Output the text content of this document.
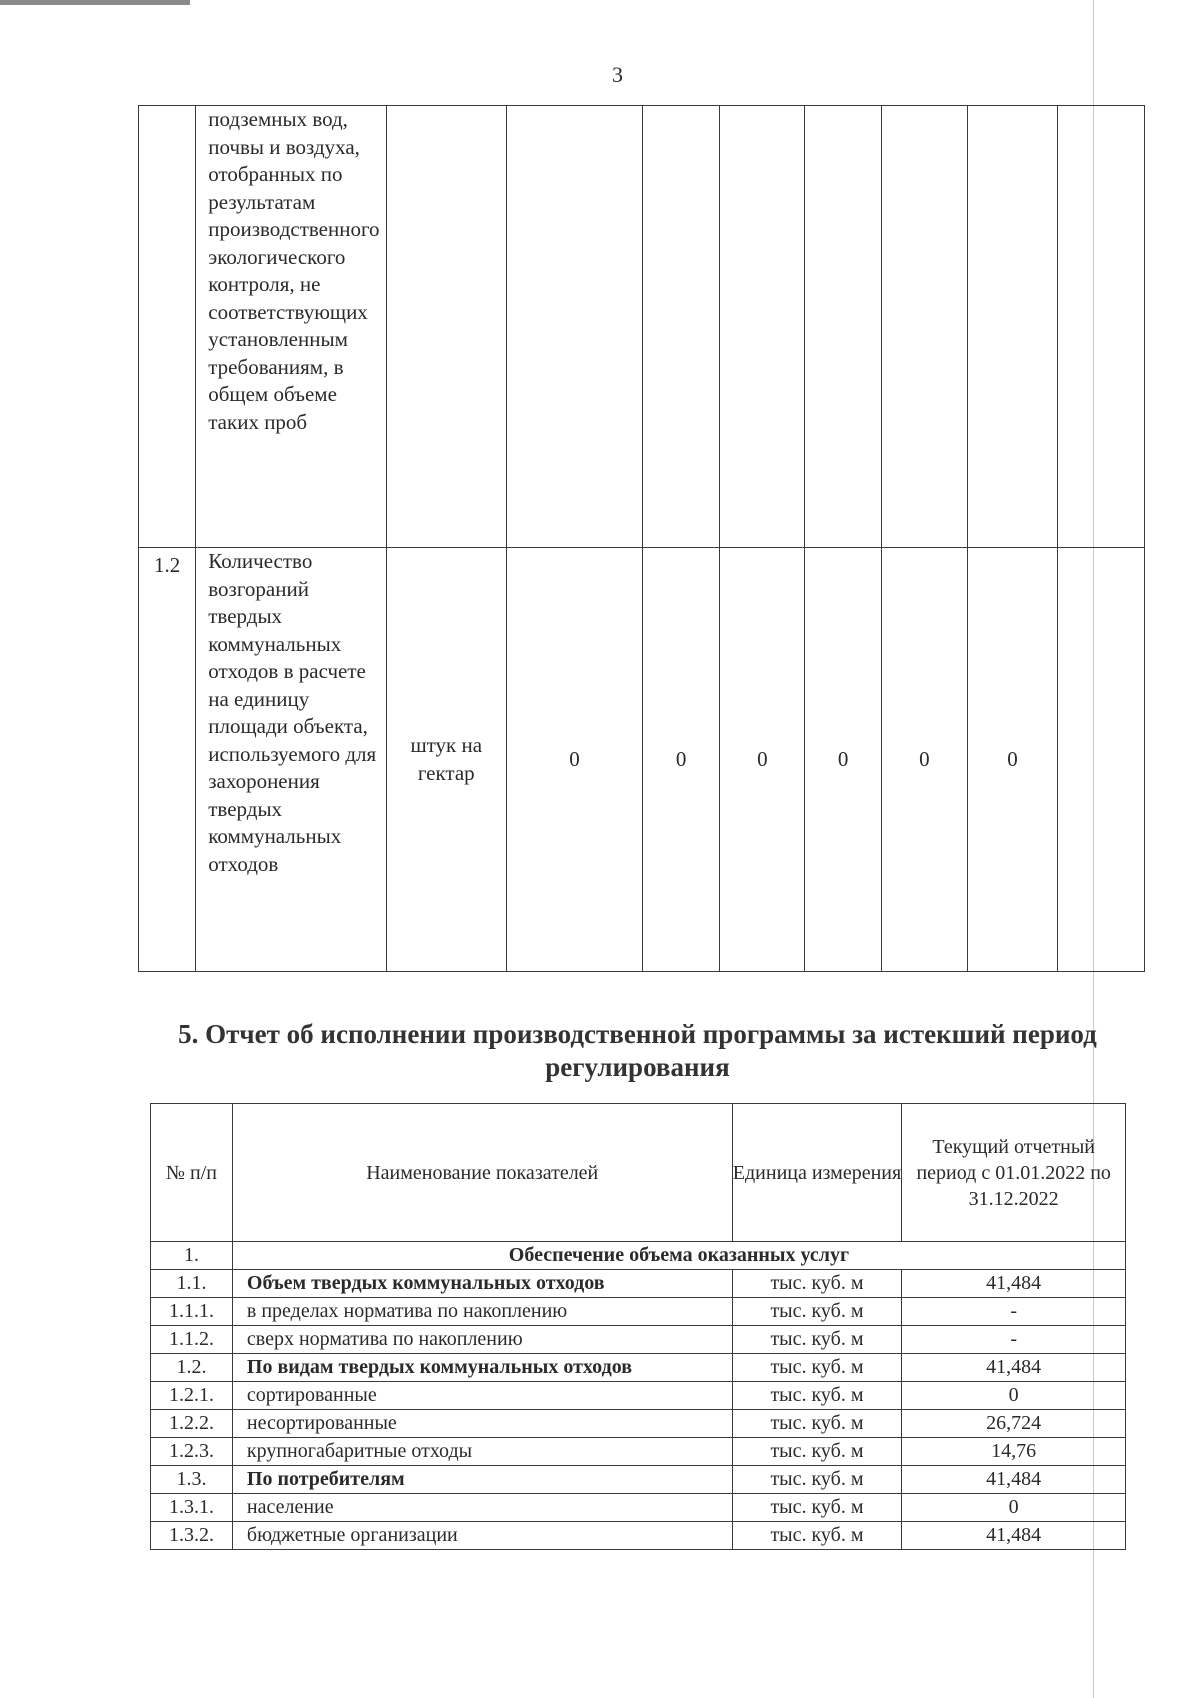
3
	подземных вод, почвы и воздуха, отобранных по результатам производственного экологического контроля, не соответствующих установленным требованиям, в общем объеме таких проб								
1.2	Количество возгораний твердых коммунальных отходов в расчете на единицу площади объекта, используемого для захоронения твердых коммунальных отходов	штук на гектар	0	0	0	0	0	0	
5. Отчет об исполнении производственной программы за истекший период регулирования
№ п/п	Наименование показателей	Единица измерения	Текущий отчетный период с 01.01.2022 по 31.12.2022
1.	Обеспечение объема оказанных услуг		
1.1.	Объем твердых коммунальных отходов	тыс. куб. м	41,484
1.1.1.	в пределах норматива по накоплению	тыс. куб. м	-
1.1.2.	сверх норматива по накоплению	тыс. куб. м	-
1.2.	По видам твердых коммунальных отходов	тыс. куб. м	41,484
1.2.1.	сортированные	тыс. куб. м	0
1.2.2.	несортированные	тыс. куб. м	26,724
1.2.3.	крупногабаритные отходы	тыс. куб. м	14,76
1.3.	По потребителям	тыс. куб. м	41,484
1.3.1.	население	тыс. куб. м	0
1.3.2.	бюджетные организации	тыс. куб. м	41,484
